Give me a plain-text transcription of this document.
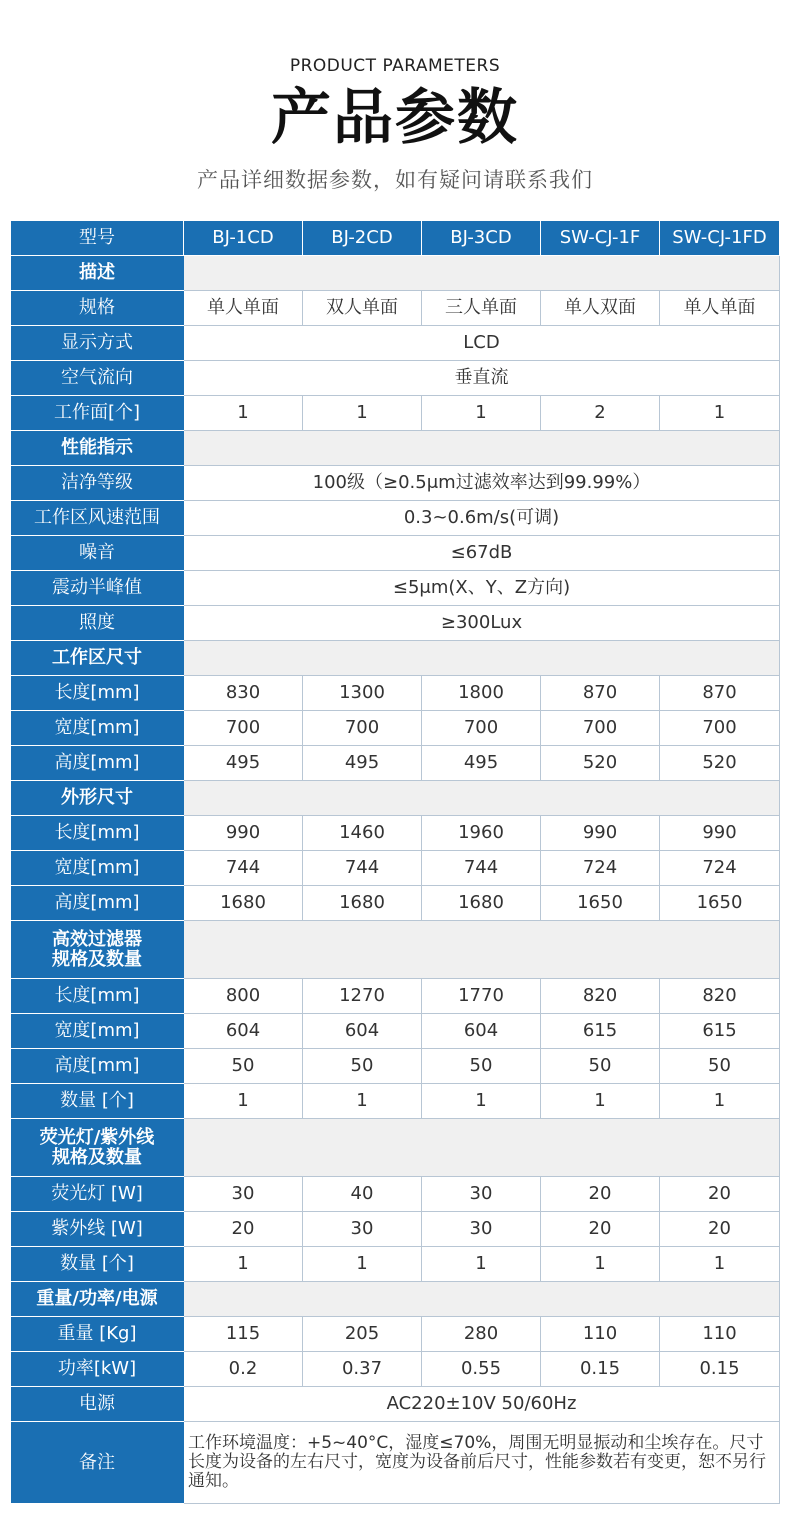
PRODUCT PARAMETERS
产品参数
产品详细数据参数，如有疑问请联系我们
型号	BJ-1CD	BJ-2CD	BJ-3CD	SW-CJ-1F	SW-CJ-1FD
描述					
规格	单人单面	双人单面	三人单面	单人双面	单人单面
显示方式	LCD				
空气流向	垂直流				
工作面[个]	1	1	1	2	1
性能指示					
洁净等级	100级（≥0.5μm过滤效率达到99.99%）				
工作区风速范围	0.3~0.6m/s(可调)				
噪音	≤67dB				
震动半峰值	≤5μm(X、Y、Z方向)				
照度	≥300Lux				
工作区尺寸					
长度[mm]	830	1300	1800	870	870
宽度[mm]	700	700	700	700	700
高度[mm]	495	495	495	520	520
外形尺寸					
长度[mm]	990	1460	1960	990	990
宽度[mm]	744	744	744	724	724
高度[mm]	1680	1680	1680	1650	1650

高效过滤器
规格及数量					

长度[mm]	800	1270	1770	820	820
宽度[mm]	604	604	604	615	615
高度[mm]	50	50	50	50	50
数量 [个]	1	1	1	1	1

荧光灯/紫外线
规格及数量					

荧光灯 [W]	30	40	30	20	20
紫外线 [W]	20	30	30	20	20
数量 [个]	1	1	1	1	1
重量/功率/电源					
重量 [Kg]	115	205	280	110	110
功率[kW]	0.2	0.37	0.55	0.15	0.15
电源	AC220±10V 50/60Hz				
备注	工作环境温度：+5~40°C，湿度≤70%，周围无明显振动和尘埃存在。尺寸长度为设备的左右尺寸，宽度为设备前后尺寸，性能参数若有变更，恕不另行通知。				
